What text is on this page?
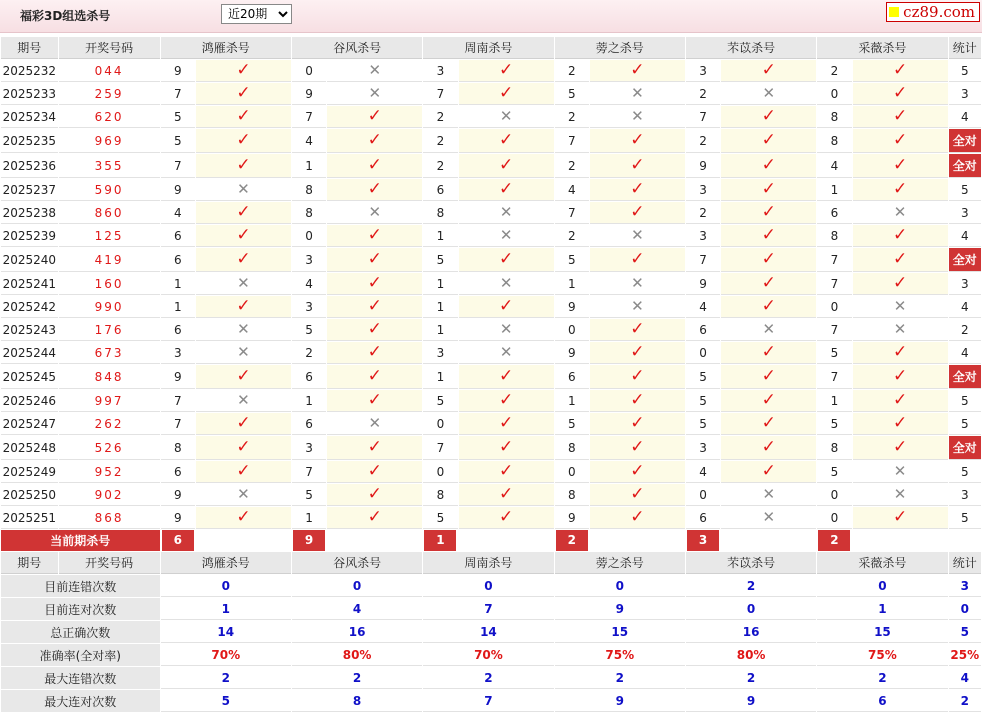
福彩3D组选杀号
近20期	cz89.com
期号	开奖号码	鸿雁杀号		谷风杀号		周南杀号		蒡之杀号		芣苡杀号		采薇杀号		统计
2025232	044	9	✓	0	✕	3	✓	2	✓	3	✓	2	✓	5
2025233	259	7	✓	9	✕	7	✓	5	✕	2	✕	0	✓	3
2025234	620	5	✓	7	✓	2	✕	2	✕	7	✓	8	✓	4
2025235	969	5	✓	4	✓	2	✓	7	✓	2	✓	8	✓	全对
2025236	355	7	✓	1	✓	2	✓	2	✓	9	✓	4	✓	全对
2025237	590	9	✕	8	✓	6	✓	4	✓	3	✓	1	✓	5
2025238	860	4	✓	8	✕	8	✕	7	✓	2	✓	6	✕	3
2025239	125	6	✓	0	✓	1	✕	2	✕	3	✓	8	✓	4
2025240	419	6	✓	3	✓	5	✓	5	✓	7	✓	7	✓	全对
2025241	160	1	✕	4	✓	1	✕	1	✕	9	✓	7	✓	3
2025242	990	1	✓	3	✓	1	✓	9	✕	4	✓	0	✕	4
2025243	176	6	✕	5	✓	1	✕	0	✓	6	✕	7	✕	2
2025244	673	3	✕	2	✓	3	✕	9	✓	0	✓	5	✓	4
2025245	848	9	✓	6	✓	1	✓	6	✓	5	✓	7	✓	全对
2025246	997	7	✕	1	✓	5	✓	1	✓	5	✓	1	✓	5
2025247	262	7	✓	6	✕	0	✓	5	✓	5	✓	5	✓	5
2025248	526	8	✓	3	✓	7	✓	8	✓	3	✓	8	✓	全对
2025249	952	6	✓	7	✓	0	✓	0	✓	4	✓	5	✕	5
2025250	902	9	✕	5	✓	8	✓	8	✓	0	✕	0	✕	3
2025251	868	9	✓	1	✓	5	✓	9	✓	6	✕	0	✓	5
当前期杀号		6		9		1		2		3		2		
期号	开奖号码	鸿雁杀号		谷风杀号		周南杀号		蒡之杀号		芣苡杀号		采薇杀号		统计
目前连错次数		0		0		0		0		2		0		3
目前连对次数		1		4		7		9		0		1		0
总正确次数		14		16		14		15		16		15		5
准确率(全对率)		70%		80%		70%		75%		80%		75%		25%
最大连错次数		2		2		2		2		2		2		4
最大连对次数		5		8		7		9		9		6		2
